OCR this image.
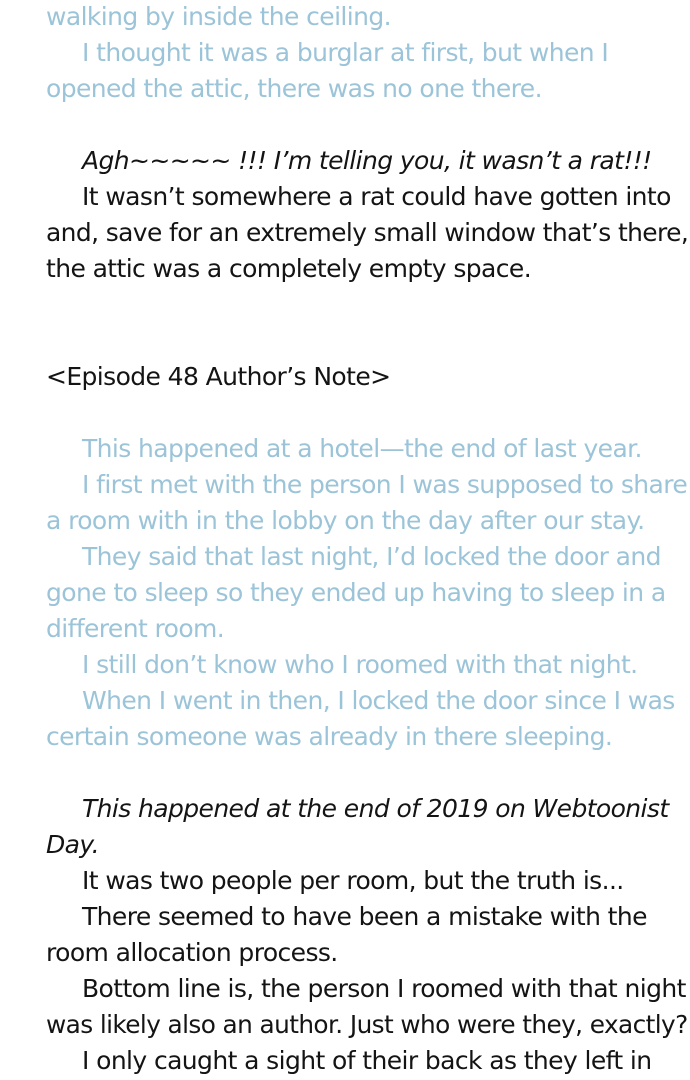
walking by inside the ceiling.
I thought it was a burglar at first, but when I
opened the attic, there was no one there.
Agh~~~~~ !!! I’m telling you, it wasn’t a rat!!!
It wasn’t somewhere a rat could have gotten into
and, save for an extremely small window that’s there,
the attic was a completely empty space.
<Episode 48 Author’s Note>
This happened at a hotel—the end of last year.
I first met with the person I was supposed to share
a room with in the lobby on the day after our stay.
They said that last night, I’d locked the door and
gone to sleep so they ended up having to sleep in a
different room.
I still don’t know who I roomed with that night.
When I went in then, I locked the door since I was
certain someone was already in there sleeping.
This happened at the end of 2019 on Webtoonist
Day.
It was two people per room, but the truth is...
There seemed to have been a mistake with the
room allocation process.
Bottom line is, the person I roomed with that night
was likely also an author. Just who were they, exactly?
I only caught a sight of their back as they left in
